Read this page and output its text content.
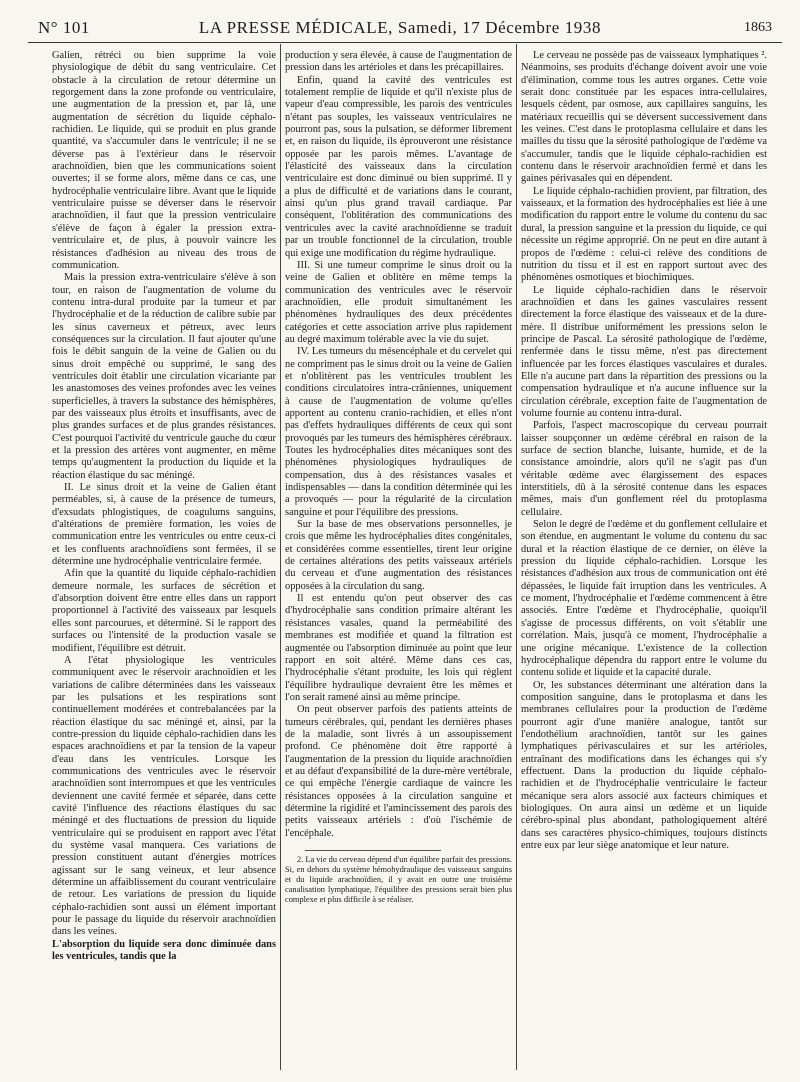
N° 101	LA PRESSE MÉDICALE, Samedi, 17 Décembre 1938	1863

Galien, rétréci ou bien supprime la voie physiologique de débit du sang ventriculaire. Cet obstacle à la circulation de retour détermine un regorgement dans la zone profonde ou ventriculaire, une augmentation de la pression et, par là, une augmentation de sécrétion du liquide céphalo-rachidien. Le liquide, qui se produit en plus grande quantité, va s'accumuler dans le ventricule; il ne se déverse pas à l'extérieur dans le réservoir arachnoïdien, bien que les communications soient ouvertes; il se forme alors, même dans ce cas, une hydrocéphalie ventriculaire libre. Avant que le liquide ventriculaire puisse se déverser dans le réservoir arachnoïdien, il faut que la pression ventriculaire s'élève de façon à égaler la pression extra-ventriculaire et, de plus, à pouvoir vaincre les résistances d'adhésion au niveau des trous de communication.

Mais la pression extra-ventriculaire s'élève à son tour, en raison de l'augmentation de volume du contenu intra-dural produite par la tumeur et par l'hydrocéphalie et de la réduction de calibre subie par les sinus caverneux et pétreux, avec leurs conséquences sur la circulation. Il faut ajouter qu'une fois le débit sanguin de la veine de Galien ou du sinus droit empêché ou supprimé, le sang des ventricules doit établir une circulation vicariante par les anastomoses des veines profondes avec les veines superficielles, à travers la substance des hémisphères, par des vaisseaux plus étroits et insuffisants, avec de plus grandes surfaces et de plus grandes résistances. C'est pourquoi l'activité du ventricule gauche du cœur et la pression des artères vont augmenter, en même temps qu'augmentent la production du liquide et la réaction élastique du sac méningé.

II. Le sinus droit et la veine de Galien étant perméables, si, à cause de la présence de tumeurs, d'exsudats phlogistiques, de coagulums sanguins, d'altérations de première formation, les voies de communication entre les ventricules ou entre ceux-ci et les confluents arachnoïdiens sont fermées, il se détermine une hydrocéphalie ventriculaire fermée.

Afin que la quantité du liquide céphalo-rachidien demeure normale, les surfaces de sécrétion et d'absorption doivent être entre elles dans un rapport proportionnel à l'activité des vaisseaux par lesquels elles sont parcourues, et déterminé. Si le rapport des surfaces ou l'intensité de la production vasale se modifient, l'équilibre est détruit.

A l'état physiologique les ventricules communiquent avec le réservoir arachnoïdien et les variations de calibre déterminées dans les vaisseaux par les pulsations et les respirations sont continuellement modérées et contrebalancées par la réaction élastique du sac méningé et, ainsi, par la contre-pression du liquide céphalo-rachidien dans les espaces arachnoïdiens et par la tension de la vapeur d'eau dans les ventricules. Lorsque les communications des ventricules avec le réservoir arachnoïdien sont interrompues et que les ventricules deviennent une cavité fermée et séparée, dans cette cavité l'influence des réactions élastiques du sac méningé et des fluctuations de pression du liquide ventriculaire qui se produisent en rapport avec l'état du système vasal manquera. Ces variations de pression constituent autant d'énergies motrices agissant sur le sang veineux, et leur absence détermine un affaiblissement du courant ventriculaire de retour. Les variations de pression du liquide céphalo-rachidien sont aussi un élément important pour le passage du liquide du réservoir arachnoïdien dans les veines.

L'absorption du liquide sera donc diminuée dans les ventricules, tandis que la

production y sera élevée, à cause de l'augmentation de pression dans les artérioles et dans les précapillaires.

Enfin, quand la cavité des ventricules est totalement remplie de liquide et qu'il n'existe plus de vapeur d'eau compressible, les parois des ventricules n'étant pas souples, les vaisseaux ventriculaires ne pourront pas, sous la pulsation, se déformer librement et, en raison du liquide, ils éprouveront une résistance opposée par les parois mêmes. L'avantage de l'élasticité des vaisseaux dans la circulation ventriculaire est donc diminué ou bien supprimé. Il y a plus de difficulté et de variations dans le courant, ainsi qu'un plus grand travail cardiaque. Par conséquent, l'oblitération des communications des ventricules avec la cavité arachnoïdienne se traduit par un trouble fonctionnel de la circulation, trouble qui exige une modification du régime hydraulique.

III. Si une tumeur comprime le sinus droit ou la veine de Galien et oblitère en même temps la communication des ventricules avec le réservoir arachnoïdien, elle produit simultanément les phénomènes hydrauliques des deux précédentes catégories et cette association arrive plus rapidement au degré maximum tolérable avec la vie du sujet.

IV. Les tumeurs du mésencéphale et du cervelet qui ne compriment pas le sinus droit ou la veine de Galien et n'oblitèrent pas les ventricules troublent les conditions circulatoires intra-crâniennes, uniquement à cause de l'augmentation de volume qu'elles apportent au contenu cranio-rachidien, et elles n'ont pas d'effets hydrauliques différents de ceux qui sont provoqués par les tumeurs des hémisphères cérébraux. Toutes les hydrocéphalies dites mécaniques sont des phénomènes physiologiques hydrauliques de compensation, dus à des résistances vasales et indispensables — dans la condition déterminée qui les a provoqués — pour la régularité de la circulation sanguine et pour l'équilibre des pressions.

Sur la base de mes observations personnelles, je crois que même les hydrocéphalies dites congénitales, et considérées comme essentielles, tirent leur origine de certaines altérations des petits vaisseaux artériels du cerveau et d'une augmentation des résistances opposées à la circulation du sang.

Il est entendu qu'on peut observer des cas d'hydrocéphalie sans condition primaire altérant les résistances vasales, quand la perméabilité des membranes est modifiée et quand la filtration est augmentée ou l'absorption diminuée au point que leur rapport en soit altéré. Même dans ces cas, l'hydrocéphalie s'étant produite, les lois qui règlent l'équilibre hydraulique devraient être les mêmes et l'on serait ramené ainsi au même principe.

On peut observer parfois des patients atteints de tumeurs cérébrales, qui, pendant les dernières phases de la maladie, sont livrés à un assoupissement profond. Ce phénomène doit être rapporté à l'augmentation de la pression du liquide arachnoïdien et au défaut d'expansibilité de la dure-mère vertébrale, ce qui empêche l'énergie cardiaque de vaincre les résistances opposées à la circulation sanguine et détermine la rigidité et l'amincissement des parois des petits vaisseaux artériels : d'où l'ischémie de l'encéphale.

2. La vie du cerveau dépend d'un équilibre parfait des pressions. Si, en dehors du système hémohydraulique des vaisseaux sanguins et du liquide arachnoïdien, il y avait en outre une troisième canalisation lymphatique, l'équilibre des pressions serait bien plus complexe et plus difficile à se réaliser.

Le cerveau ne possède pas de vaisseaux lymphatiques ². Néanmoins, ses produits d'échange doivent avoir une voie d'élimination, comme tous les autres organes. Cette voie serait donc constituée par les espaces intra-cellulaires, lesquels cèdent, par osmose, aux capillaires sanguins, les matériaux recueillis qui se déversent successivement dans les veines. C'est dans le protoplasma cellulaire et dans les mailles du tissu que la sérosité pathologique de l'œdème va s'accumuler, tandis que le liquide céphalo-rachidien est contenu dans le réservoir arachnoïdien fermé et dans les gaines périvasales qui en dépendent.

Le liquide céphalo-rachidien provient, par filtration, des vaisseaux, et la formation des hydrocéphalies est liée à une modification du rapport entre le volume du contenu du sac dural, la pression sanguine et la pression du liquide, ce qui nécessite un régime approprié. On ne peut en dire autant à propos de l'œdème : celui-ci relève des conditions de nutrition du tissu et il est en rapport surtout avec des phénomènes osmotiques et biochimiques.

Le liquide céphalo-rachidien dans le réservoir arachnoïdien et dans les gaines vasculaires ressent directement la force élastique des vaisseaux et de la dure-mère. Il distribue uniformément les pressions selon le principe de Pascal. La sérosité pathologique de l'œdème, renfermée dans le tissu même, n'est pas directement influencée par les forces élastiques vasculaires et durales. Elle n'a aucune part dans la répartition des pressions ou la compensation hydraulique et n'a aucune influence sur la circulation cérébrale, exception faite de l'augmentation de volume fournie au contenu intra-dural.

Parfois, l'aspect macroscopique du cerveau pourrait laisser soupçonner un œdème cérébral en raison de la surface de section blanche, luisante, humide, et de la consistance amoindrie, alors qu'il ne s'agit pas d'un véritable œdème avec élargissement des espaces interstitiels, dû à la sérosité contenue dans les espaces mêmes, mais d'un gonflement réel du protoplasma cellulaire.

Selon le degré de l'œdème et du gonflement cellulaire et son étendue, en augmentant le volume du contenu du sac dural et la réaction élastique de ce dernier, on élève la pression du liquide céphalo-rachidien. Lorsque les résistances d'adhésion aux trous de communication ont été dépassées, le liquide fait irruption dans les ventricules. A ce moment, l'hydrocéphalie et l'œdème commencent à être associés. Entre l'œdème et l'hydrocéphalie, quoiqu'il s'agisse de processus différents, on voit s'établir une corrélation. Mais, jusqu'à ce moment, l'hydrocéphalie a une origine mécanique. L'existence de la collection hydrocéphalique dépendra du rapport entre le volume du contenu solide et liquide et la capacité durale.

Or, les substances déterminant une altération dans la composition sanguine, dans le protoplasma et dans les membranes cellulaires pour la production de l'œdème pourront agir d'une manière analogue, tantôt sur l'endothélium arachnoïdien, tantôt sur les gaines lymphatiques périvasculaires et sur les artérioles, entraînant des modifications dans les échanges qui s'y effectuent. Dans la production du liquide céphalo-rachidien et de l'hydrocéphalie ventriculaire le facteur mécanique sera alors associé aux facteurs chimiques et biologiques. On aura ainsi un œdème et un liquide cérébro-spinal plus abondant, pathologiquement altéré dans ses caractères physico-chimiques, toujours distincts entre eux par leur siège anatomique et leur nature.
